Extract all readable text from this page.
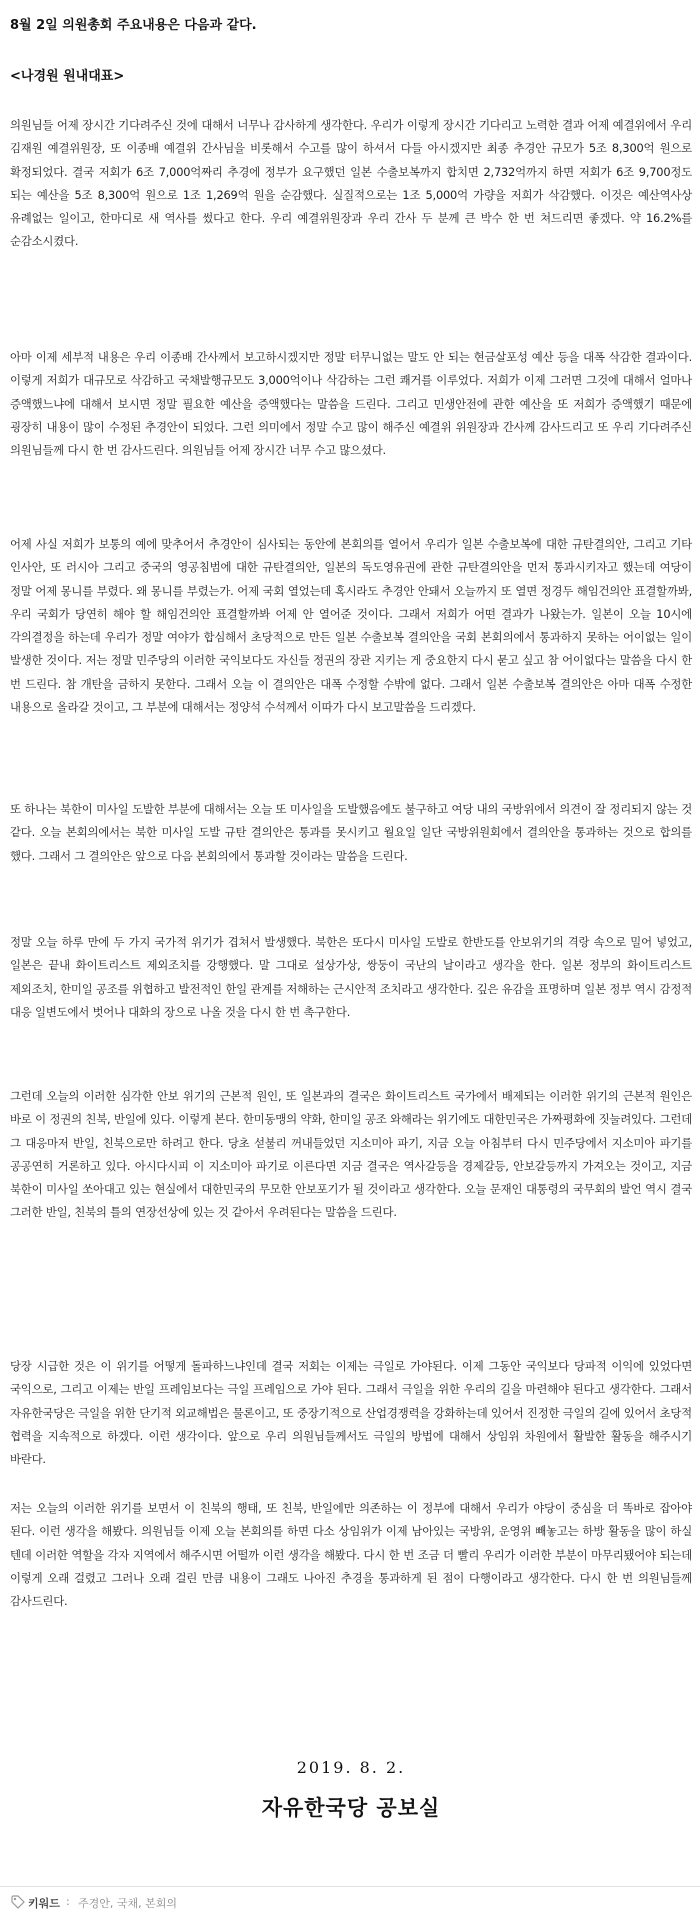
8월 2일 의원총회 주요내용은 다음과 같다.
<나경원 원내대표>
의원님들 어제 장시간 기다려주신 것에 대해서 너무나 감사하게 생각한다. 우리가 이렇게 장시간 기다리고 노력한 결과 어제 예결위에서 우리 김재원 예결위원장, 또 이종배 예결위 간사님을 비롯해서 수고를 많이 하셔서 다들 아시겠지만 최종 추경안 규모가 5조 8,300억 원으로 확정되었다. 결국 저회가 6조 7,000억짜리 추경에 정부가 요구했던 일본 수출보복까지 합치면 2,732억까지 하면 저회가 6조 9,700정도 되는 예산을 5조 8,300억 원으로 1조 1,269억 원을 순감했다. 실질적으로는 1조 5,000억 가량을 저희가 삭감했다. 이것은 예산역사상 유례없는 일이고, 한마디로 새 역사를 썼다고 한다. 우리 예결위원장과 우리 간사 두 분께 큰 박수 한 번 쳐드리면 좋겠다. 약 16.2%를 순감소시켰다.
아마 이제 세부적 내용은 우리 이종배 간사께서 보고하시겠지만 정말 터무니없는 말도 안 되는 현금살포성 예산 등을 대폭 삭감한 결과이다. 이렇게 저희가 대규모로 삭감하고 국채발행규모도 3,000억이나 삭감하는 그런 쾌거를 이루었다. 저희가 이제 그러면 그것에 대해서 얼마나 증액했느냐에 대해서 보시면 정말 필요한 예산을 증액했다는 말씀을 드린다. 그리고 민생안전에 관한 예산을 또 저희가 증액했기 때문에 굉장히 내용이 많이 수정된 추경안이 되었다. 그런 의미에서 정말 수고 많이 해주신 예결위 위원장과 간사께 감사드리고 또 우리 기다려주신 의원님들께 다시 한 번 감사드린다. 의원님들 어제 장시간 너무 수고 많으셨다.
어제 사실 저희가 보통의 예에 맞추어서 추경안이 심사되는 동안에 본회의를 열어서 우리가 일본 수출보복에 대한 규탄결의안, 그리고 기타 인사안, 또 러시아 그리고 중국의 영공침범에 대한 규탄결의안, 일본의 독도영유권에 관한 규탄결의안을 먼저 통과시키자고 했는데 여당이 정말 어제 몽니를 부렸다. 왜 몽니를 부렸는가. 어제 국회 열었는데 혹시라도 추경안 안돼서 오늘까지 또 열면 정경두 해임건의안 표결할까봐, 우리 국회가 당연히 해야 할 해임건의안 표결할까봐 어제 안 열어준 것이다. 그래서 저희가 어떤 결과가 나왔는가. 일본이 오늘 10시에 각의결정을 하는데 우리가 정말 여야가 합심해서 초당적으로 만든 일본 수출보복 결의안을 국회 본회의에서 통과하지 못하는 어이없는 일이 발생한 것이다. 저는 정말 민주당의 이러한 국익보다도 자신들 정권의 장관 지키는 게 중요한지 다시 묻고 싶고 참 어이없다는 말씀을 다시 한 번 드린다. 참 개탄을 금하지 못한다. 그래서 오늘 이 결의안은 대폭 수정할 수밖에 없다. 그래서 일본 수출보복 결의안은 아마 대폭 수정한 내용으로 올라갈 것이고, 그 부분에 대해서는 정양석 수석께서 이따가 다시 보고말씀을 드리겠다.
또 하나는 북한이 미사일 도발한 부분에 대해서는 오늘 또 미사일을 도발했음에도 불구하고 여당 내의 국방위에서 의견이 잘 정리되지 않는 것 같다. 오늘 본회의에서는 북한 미사일 도발 규탄 결의안은 통과를 못시키고 월요일 일단 국방위원회에서 결의안을 통과하는 것으로 합의를 했다. 그래서 그 결의안은 앞으로 다음 본회의에서 통과할 것이라는 말씀을 드린다.
정말 오늘 하루 만에 두 가지 국가적 위기가 겹쳐서 발생했다. 북한은 또다시 미사일 도발로 한반도를 안보위기의 격랑 속으로 밀어 넣었고, 일본은 끝내 화이트리스트 제외조치를 강행했다. 말 그대로 설상가상, 쌍둥이 국난의 날이라고 생각을 한다. 일본 정부의 화이트리스트 제외조치, 한미일 공조를 위협하고 발전적인 한일 관계를 저해하는 근시안적 조치라고 생각한다. 깊은 유감을 표명하며 일본 정부 역시 감정적 대응 일변도에서 벗어나 대화의 장으로 나올 것을 다시 한 번 촉구한다.
그런데 오늘의 이러한 심각한 안보 위기의 근본적 원인, 또 일본과의 결국은 화이트리스트 국가에서 배제되는 이러한 위기의 근본적 원인은 바로 이 정권의 친북, 반일에 있다. 이렇게 본다. 한미동맹의 약화, 한미일 공조 와해라는 위기에도 대한민국은 가짜평화에 짓눌려있다. 그런데 그 대응마저 반일, 친북으로만 하려고 한다. 당초 섣불리 꺼내들었던 지소미아 파기, 지금 오늘 아침부터 다시 민주당에서 지소미아 파기를 공공연히 거론하고 있다. 아시다시피 이 지소미아 파기로 이른다면 지금 결국은 역사갈등을 경제갈등, 안보갈등까지 가져오는 것이고, 지금 북한이 미사일 쏘아대고 있는 현실에서 대한민국의 무모한 안보포기가 될 것이라고 생각한다. 오늘 문재인 대통령의 국무회의 발언 역시 결국 그러한 반일, 친북의 틀의 연장선상에 있는 것 같아서 우려된다는 말씀을 드린다.
당장 시급한 것은 이 위기를 어떻게 돌파하느냐인데 결국 저회는 이제는 극일로 가야된다. 이제 그동안 국익보다 당파적 이익에 있었다면 국익으로, 그리고 이제는 반일 프레임보다는 극일 프레임으로 가야 된다. 그래서 극일을 위한 우리의 길을 마련해야 된다고 생각한다. 그래서 자유한국당은 극일을 위한 단기적 외교해법은 물론이고, 또 중장기적으로 산업경쟁력을 강화하는데 있어서 진정한 극일의 길에 있어서 초당적 협력을 지속적으로 하겠다. 이런 생각이다. 앞으로 우리 의원님들께서도 극일의 방법에 대해서 상임위 차원에서 활발한 활동을 해주시기 바란다.
저는 오늘의 이러한 위기를 보면서 이 친북의 행태, 또 친북, 반일에만 의존하는 이 정부에 대해서 우리가 야당이 중심을 더 똑바로 잡아야 된다. 이런 생각을 해봤다. 의원님들 이제 오늘 본회의를 하면 다소 상임위가 이제 남아있는 국방위, 운영위 빼놓고는 하방 활동을 많이 하실 텐데 이러한 역할을 각자 지역에서 해주시면 어떨까 이런 생각을 해봤다. 다시 한 번 조금 더 빨리 우리가 이러한 부분이 마무리됐어야 되는데 이렇게 오래 걸렸고 그러나 오래 걸린 만큼 내용이 그래도 나아진 추경을 통과하게 된 점이 다행이라고 생각한다. 다시 한 번 의원님들께 감사드린다.
2019. 8. 2.
자유한국당 공보실
키워드 : 주경안, 국채, 본회의
